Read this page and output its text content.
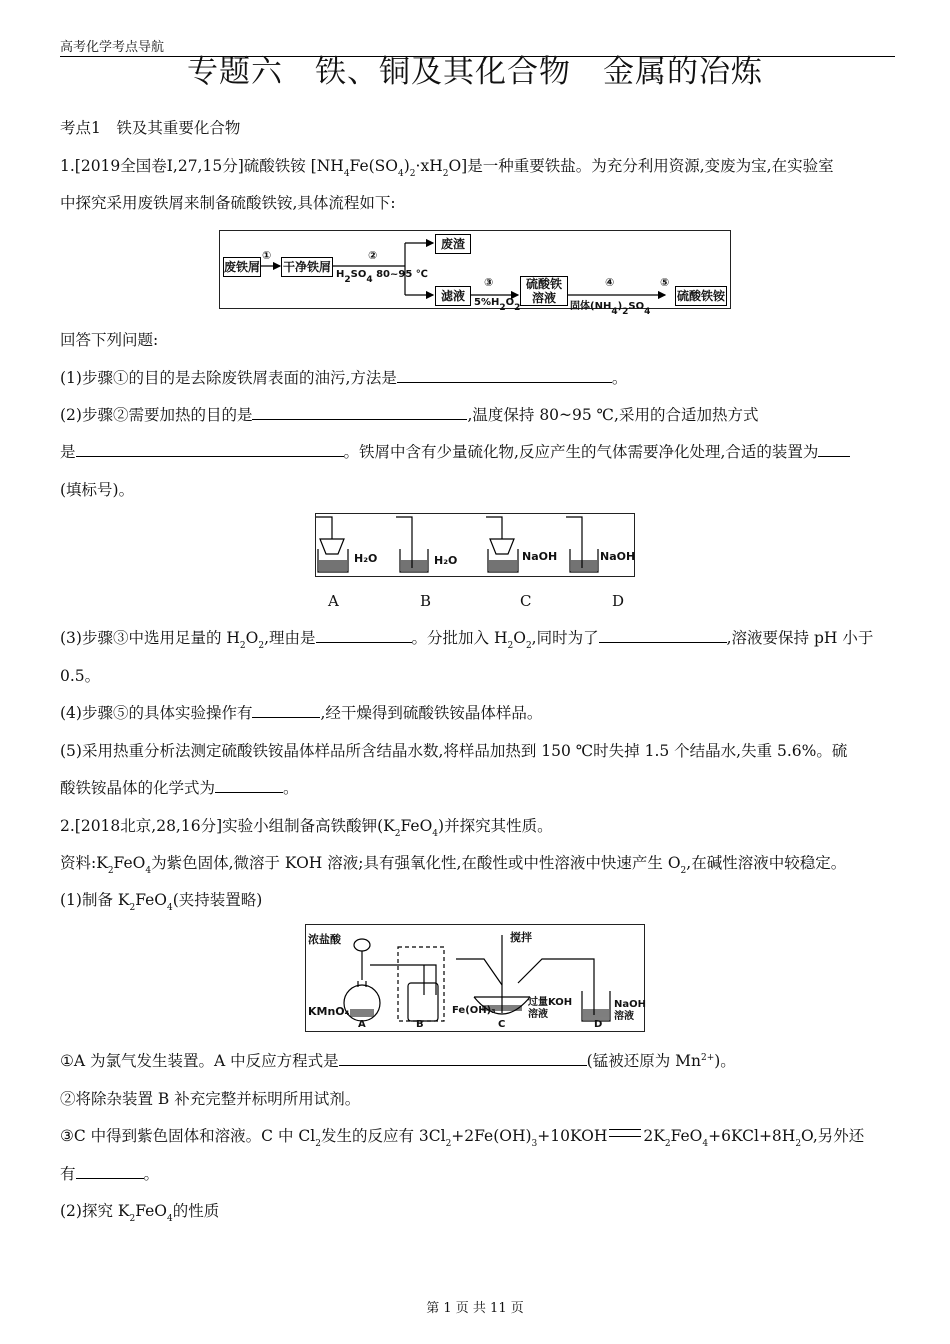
高考化学考点导航
专题六　铁、铜及其化合物　金属的冶炼
考点1　铁及其重要化合物
1.[2019全国卷Ⅰ,27,15分]硫酸铁铵 $[NH_4Fe(SO_4)_2\cdot xH_2O]$是一种重要铁盐。为充分利用资源,变废为宝,在实验室
中探究采用废铁屑来制备硫酸铁铵,具体流程如下:
废铁屑
①
干净铁屑
②
$H_2SO_4$ 80~95 ℃
废渣
滤液
③
$5\%H_2O_2$
硫酸铁
溶液
④
固体$(NH_4)_2SO_4$
⑤
硫酸铁铵
回答下列问题:
(1)步骤①的目的是去除废铁屑表面的油污,方法是	。
(2)步骤②需要加热的目的是	,温度保持 80~95 ℃,采用的合适加热方式
是	。铁屑中含有少量硫化物,反应产生的气体需要净化处理,合适的装置为
(填标号)。
H₂O	H₂O	NaOH	NaOH
A	B	C	D
(3)步骤③中选用足量的 $H_2O_2$,理由是	。分批加入 $H_2O_2$,同时为了	,溶液要保持 pH 小于
0.5。
(4)步骤⑤的具体实验操作有	,经干燥得到硫酸铁铵晶体样品。
(5)采用热重分析法测定硫酸铁铵晶体样品所含结晶水数,将样品加热到 150 ℃时失掉 1.5 个结晶水,失重 5.6%。硫
酸铁铵晶体的化学式为	。
2.[2018北京,28,16分]实验小组制备高铁酸钾$(K_2FeO_4)$并探究其性质。
资料$:K_2FeO_4$为紫色固体,微溶于 KOH 溶液;具有强氧化性,在酸性或中性溶液中快速产生 $O_2$,在碱性溶液中较稳定。
(1)制备 $K_2FeO_4$(夹持装置略)
浓盐酸	搅拌
KMnO₄
A	B
Fe(OH)₃
C
过量KOH
溶液
D
NaOH
溶液
①A 为氯气发生装置。A 中反应方程式是	(锰被还原为 $Mn^{2+}$)。
②将除杂装置 B 补充完整并标明所用试剂。
③C 中得到紫色固体和溶液。C 中 $Cl_2$发生的反应有 $3Cl_2+2Fe(OH)_3+10KOH$ $2K_2FeO_4+6KCl+8H_2O$,另外还
有	。
(2)探究 $K_2FeO_4$的性质
第 1 页 共 11 页
